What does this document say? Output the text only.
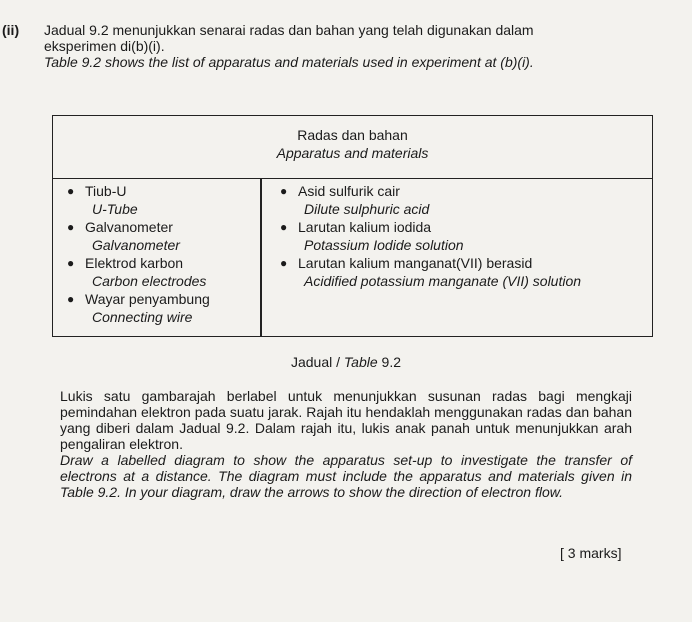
(ii) Jadual 9.2 menunjukkan senarai radas dan bahan yang telah digunakan dalam
eksperimen di(b)(i).
Table 9.2 shows the list of apparatus and materials used in experiment at (b)(i).
Radas dan bahan
Apparatus and materials
● Tiub-U
U-Tube
● Galvanometer
Galvanometer
● Elektrod karbon
Carbon electrodes
● Wayar penyambung
Connecting wire
● Asid sulfurik cair
Dilute sulphuric acid
● Larutan kalium iodida
Potassium Iodide solution
● Larutan kalium manganat(VII) berasid
Acidified potassium manganate (VII) solution
Jadual / Table 9.2
Lukis satu gambarajah berlabel untuk menunjukkan susunan radas bagi mengkaji pemindahan elektron pada suatu jarak. Rajah itu hendaklah menggunakan radas dan bahan yang diberi dalam Jadual 9.2. Dalam rajah itu, lukis anak panah untuk menunjukkan arah pengaliran elektron.
Draw a labelled diagram to show the apparatus set-up to investigate the transfer of electrons at a distance. The diagram must include the apparatus and materials given in Table 9.2. In your diagram, draw the arrows to show the direction of electron flow.
[ 3 marks]
